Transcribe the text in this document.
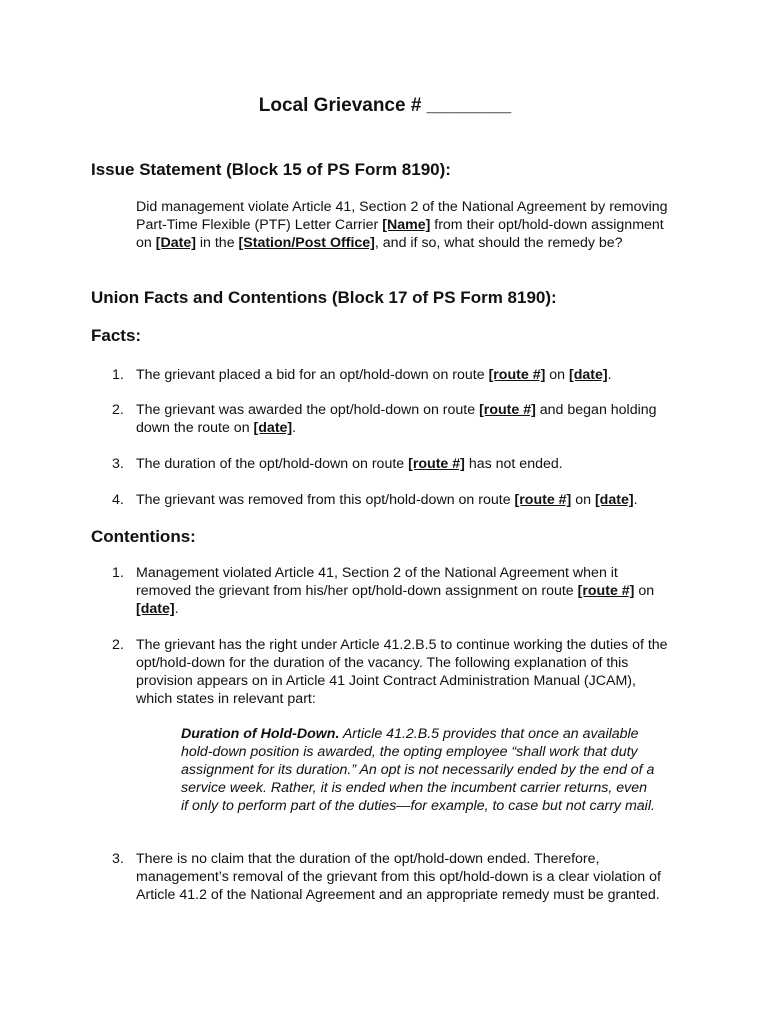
Local Grievance # ________
Issue Statement (Block 15 of PS Form 8190):
Did management violate Article 41, Section 2 of the National Agreement by removing Part-Time Flexible (PTF) Letter Carrier [Name] from their opt/hold-down assignment on [Date] in the [Station/Post Office], and if so, what should the remedy be?
Union Facts and Contentions (Block 17 of PS Form 8190):
Facts:
1. The grievant placed a bid for an opt/hold-down on route [route #] on [date].
2. The grievant was awarded the opt/hold-down on route [route #] and began holding down the route on [date].
3. The duration of the opt/hold-down on route [route #] has not ended.
4. The grievant was removed from this opt/hold-down on route [route #] on [date].
Contentions:
1. Management violated Article 41, Section 2 of the National Agreement when it removed the grievant from his/her opt/hold-down assignment on route [route #] on [date].
2. The grievant has the right under Article 41.2.B.5 to continue working the duties of the opt/hold-down for the duration of the vacancy. The following explanation of this provision appears on in Article 41 Joint Contract Administration Manual (JCAM), which states in relevant part:
3. There is no claim that the duration of the opt/hold-down ended. Therefore, management’s removal of the grievant from this opt/hold-down is a clear violation of Article 41.2 of the National Agreement and an appropriate remedy must be granted.
Duration of Hold-Down. Article 41.2.B.5 provides that once an available hold-down position is awarded, the opting employee “shall work that duty assignment for its duration.” An opt is not necessarily ended by the end of a service week. Rather, it is ended when the incumbent carrier returns, even if only to perform part of the duties—for example, to case but not carry mail.
